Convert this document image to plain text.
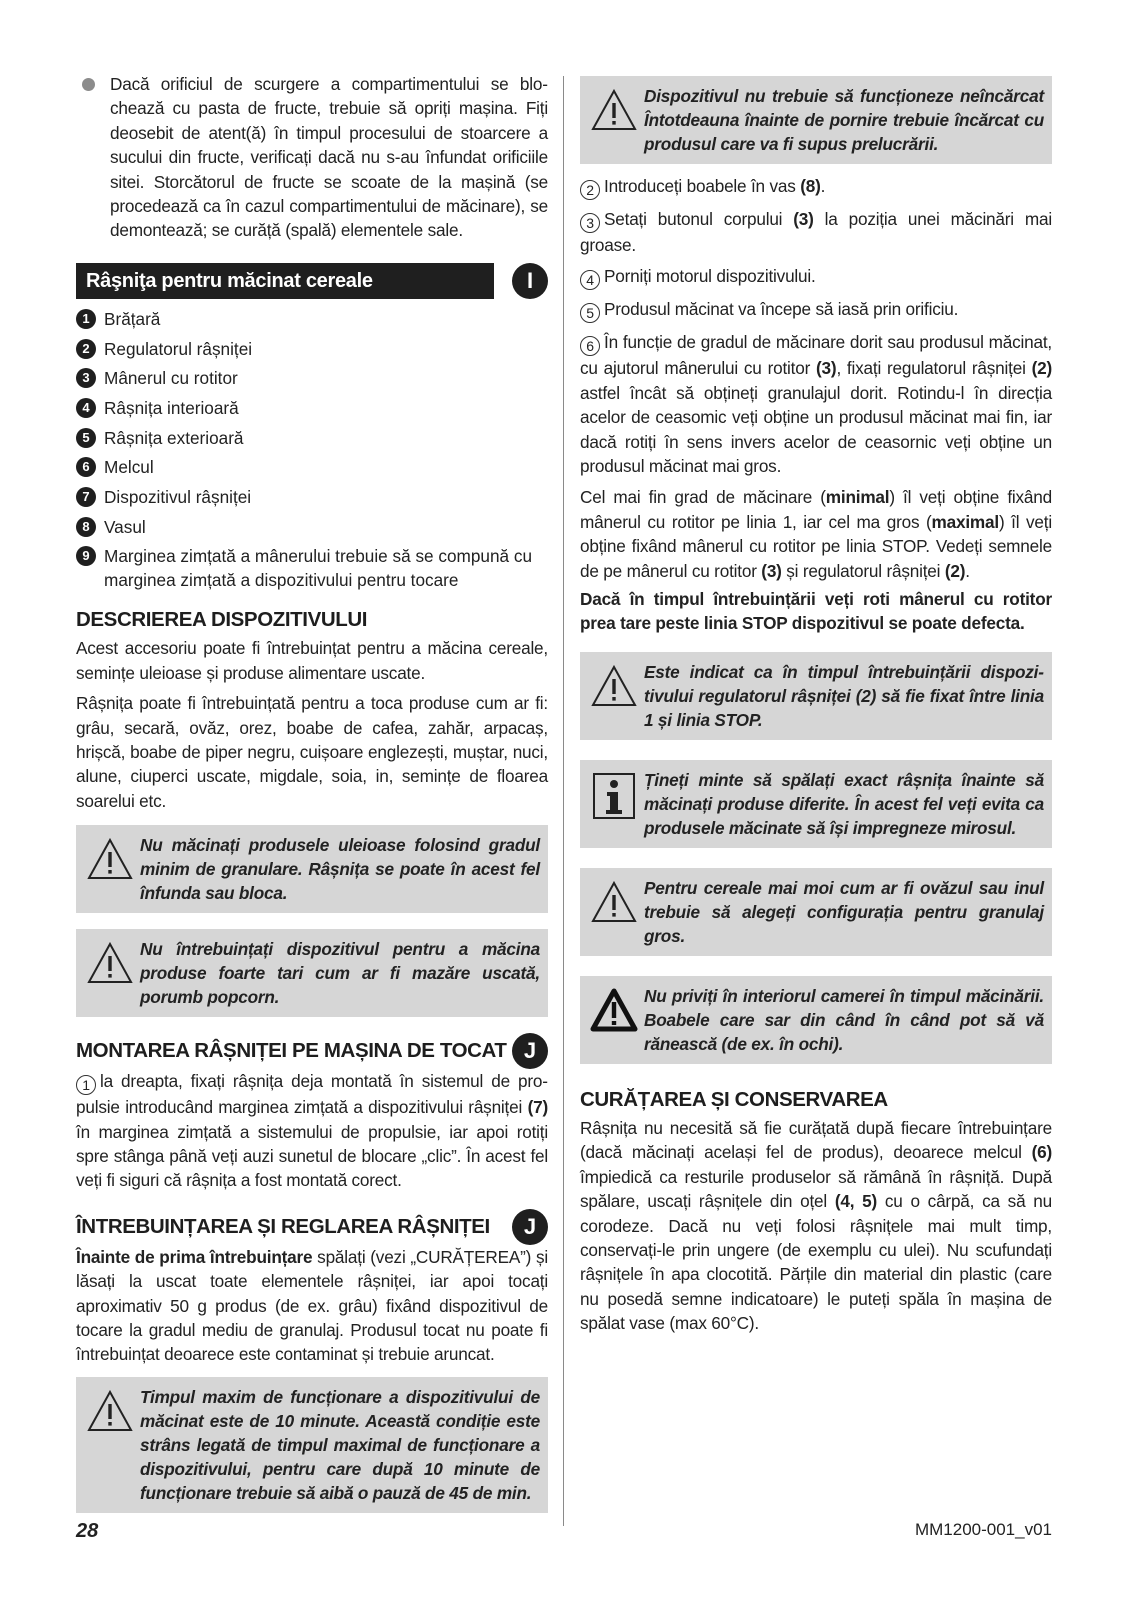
Dacă orificiul de scurgere a compartimentului se blochează cu pasta de fructe, trebuie să opriți mașina. Fiți deosebit de atent(ă) în timpul procesului de stoarcere a sucului din fructe, verificați dacă nu s-au înfundat orificiile sitei. Storcătorul de fructe se scoate de la mașină (se procedează ca în cazul compartimentului de măcinare), se demontează; se curăță (spală) elementele sale.

Râşniţa pentru măcinat cereale	I
1 Brățară
2 Regulatorul râșniței
3 Mânerul cu rotitor
4 Râșnița interioară
5 Râșnița exterioară
6 Melcul
7 Dispozitivul râșniței
8 Vasul
9 Marginea zimțată a mânerului trebuie să se compună cu marginea zimțată a dispozitivului pentru tocare
DESCRIEREA DISPOZITIVULUI

Acest accesoriu poate fi întrebuințat pentru a măcina cereale, semințe uleioase și produse alimentare uscate.

Râșnița poate fi întrebuințată pentru a toca produse cum ar fi: grâu, secară, ovăz, orez, boabe de cafea, zahăr, arpacaș, hrișcă, boabe de piper negru, cuișoare englezești, muștar, nuci, alune, ciuperci uscate, migdale, soia, in, semințe de floarea soarelui etc.

Nu măcinați produsele uleioase folosind gradul minim de granulare. Râșnița se poate în acest fel înfunda sau bloca.
Nu întrebuințați dispozitivul pentru a măcina produse foarte tari cum ar fi mazăre uscată, porumb popcorn.
MONTAREA RÂȘNIȚEI PE MAȘINA DE TOCAT J

1 la dreapta, fixați râșnița deja montată în sistemul de propulsie introducând marginea zimțată a dispozitivului râșniței (7) în marginea zimțată a sistemului de propulsie, iar apoi rotiți spre stânga până veți auzi sunetul de blocare „clic”. În acest fel veți fi siguri că râșnița a fost montată corect.

ÎNTREBUINȚAREA ȘI REGLAREA RÂȘNIȚEI	J

Înainte de prima întrebuințare spălați (vezi „CURĂȚEREA”) și lăsați la uscat toate elementele râșniței, iar apoi tocați aproximativ 50 g produs (de ex. grâu) fixând dispozitivul de tocare la gradul mediu de granulaj. Produsul tocat nu poate fi întrebuințat deoarece este contaminat și trebuie aruncat.

Timpul maxim de funcționare a dispozitivului de măcinat este de 10 minute. Această condiție este strâns legată de timpul maximal de funcționare a dispozitivului, pentru care după 10 minute de funcționare trebuie să aibă o pauză de 45 de min.
Dispozitivul nu trebuie să funcționeze neîncărcat Întotdeauna înainte de pornire trebuie încărcat cu produsul care va fi supus prelucrării.

2 Introduceți boabele în vas (8).

3 Setați butonul corpului (3) la poziția unei măcinări mai groase.

4 Porniți motorul dispozitivului.

5 Produsul măcinat va începe să iasă prin orificiu.

6 În funcție de gradul de măcinare dorit sau produsul măcinat, cu ajutorul mânerului cu rotitor (3), fixați regulatorul râșniței (2) astfel încât să obțineți granulajul dorit. Rotindu-l în direcția acelor de ceasomic veți obține un produsul măcinat mai fin, iar dacă rotiți în sens invers acelor de ceasornic veți obține un produsul măcinat mai gros.

Cel mai fin grad de măcinare (minimal) îl veți obține fixând mânerul cu rotitor pe linia 1, iar cel ma gros (maximal) îl veți obține fixând mânerul cu rotitor pe linia STOP. Vedeți semnele de pe mânerul cu rotitor (3) și regulatorul râșniței (2).

Dacă în timpul întrebuințării veți roti mânerul cu rotitor prea tare peste linia STOP dispozitivul se poate defecta.

Este indicat ca în timpul întrebuințării dispozitivului regulatorul râșniței (2) să fie fixat între linia 1 și linia STOP.
Țineți minte să spălați exact râșnița înainte să măcinați produse diferite. În acest fel veți evita ca produsele măcinate să își impregneze mirosul.
Pentru cereale mai moi cum ar fi ovăzul sau inul trebuie să alegeți configurația pentru granulaj gros.
Nu priviți în interiorul camerei în timpul măcinării. Boabele care sar din când în când pot să vă rănească (de ex. în ochi).
CURĂȚAREA ȘI CONSERVAREA

Râșnița nu necesită să fie curățată după fiecare întrebuințare (dacă măcinați același fel de produs), deoarece melcul (6) împiedică ca resturile produselor să rămână în râșniță. După spălare, uscați râșnițele din oțel (4, 5) cu o cârpă, ca să nu corodeze. Dacă nu veți folosi râșnițele mai mult timp, conservați-le prin ungere (de exemplu cu ulei). Nu scufundați râșnițele în apa clocotită. Părțile din material din plastic (care nu posedă semne indicatoare) le puteți spăla în mașina de spălat vase (max 60°C).

28	MM1200-001_v01
